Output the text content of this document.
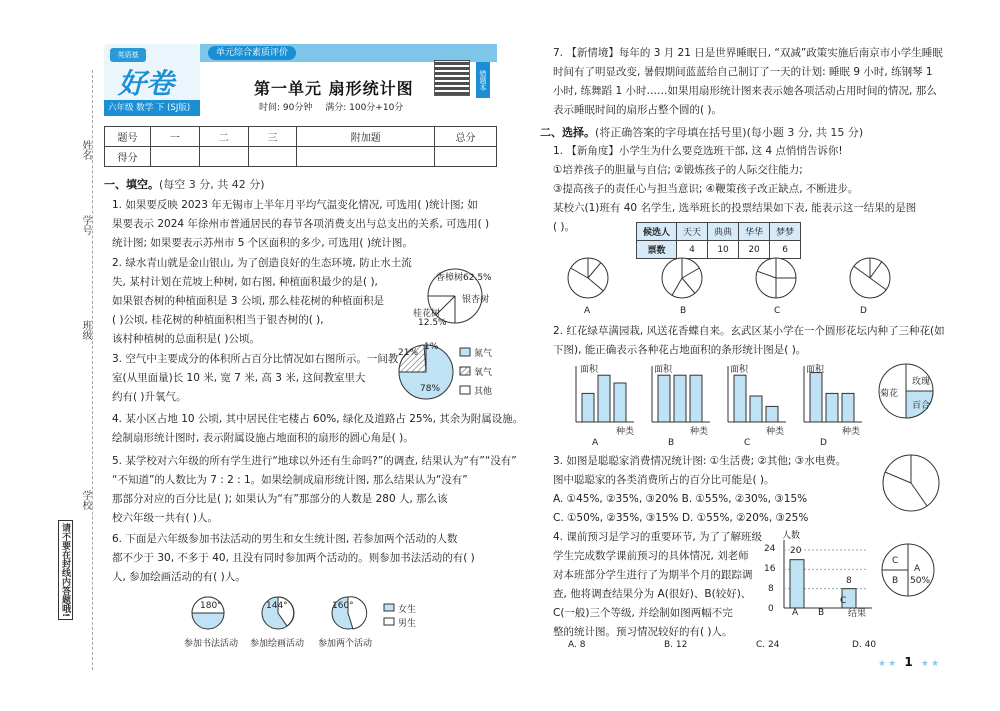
姓名
学号
班级
学校
请不要在封线内答题哦!
英语基
好卷
六年级 数学 下 (SJ版)
单元综合素质评价
第一单元 扇形统计图
时间: 90分钟 满分: 100分+10分
错题本
题号	一	二	三	附加题	总分
得分					
一、填空。(每空 3 分, 共 42 分)
1. 如果要反映 2023 年无锡市上半年月平均气温变化情况, 可选用( )统计图; 如
果要表示 2024 年徐州市普通居民的春节各项消费支出与总支出的关系, 可选用( )
统计图; 如果要表示苏州市 5 个区面积的多少, 可选用( )统计图。
2. 绿水青山就是金山银山, 为了创造良好的生态环境, 防止水土流
失, 某村计划在荒坡上种树, 如右图, 种植面积最少的是( ),
如果银杏树的种植面积是 3 公顷, 那么桂花树的种植面积是
( )公顷, 桂花树的种植面积相当于银杏树的( ),
该村种植树的总面积是( )公顷。
香樟树62.5%
银杏树
桂花树
12.5%
3. 空气中主要成分的体积所占百分比情况如右图所示。一间教
室(从里面量)长 10 米, 宽 7 米, 高 3 米, 这间教室里大
约有( )升氧气。
21%
1%
78%
氮气
氧气
其他
4. 某小区占地 10 公顷, 其中居民住宅楼占 60%, 绿化及道路占 25%, 其余为附属设施。
绘制扇形统计图时, 表示附属设施占地面积的扇形的圆心角是( )。
5. 某学校对六年级的所有学生进行“地球以外还有生命吗?”的调查, 结果认为“有”“没有”
“不知道”的人数比为 7 : 2 : 1。如果绘制成扇形统计图, 那么结果认为“没有”
那部分对应的百分比是( ); 如果认为“有”那部分的人数是 280 人, 那么该
校六年级一共有( )人。
6. 下面是六年级参加书法活动的男生和女生统计图, 若参加两个活动的人数
都不少于 30, 不多于 40, 且没有同时参加两个活动的。则参加书法活动的有( )
人, 参加绘画活动的有( )人。
180°	144°	160°
参加书法活动 参加绘画活动 参加两个活动
女生
男生
7. 【新情境】每年的 3 月 21 日是世界睡眠日, “双减”政策实施后南京市小学生睡眠
时间有了明显改变, 暑假期间蓝蓝给自己制订了一天的计划: 睡眠 9 小时, 练钢琴 1
小时, 练舞蹈 1 小时……如果用扇形统计图来表示她各项活动占用时间的情况, 那么
表示睡眠时间的扇形占整个圆的( )。
二、选择。(将正确答案的字母填在括号里)(每小题 3 分, 共 15 分)
1. 【新角度】小学生为什么要竞选班干部, 这 4 点悄悄告诉你!
①培养孩子的胆量与自信; ②锻炼孩子的人际交往能力;
③提高孩子的责任心与担当意识; ④鞭策孩子改正缺点, 不断进步。
某校六(1)班有 40 名学生, 选举班长的投票结果如下表, 能表示这一结果的是图
( )。	候选人	天天	典典	华华	梦梦
票数	4	10	20	6
A	B	C	D
2. 红花绿草满园栽, 风送花香蝶自来。玄武区某小学在一个圆形花坛内种了三种花(如
下图), 能正确表示各种花占地面积的条形统计图是( )。
面积	面积	面积	面积
种类	种类	种类	种类
A	B	C	D
玫瑰
菊花
百合
3. 如图是聪聪家消费情况统计图: ①生活费; ②其他; ③水电费。
图中聪聪家的各类消费所占的百分比可能是( )。
A. ①45%, ②35%, ③20% B. ①55%, ②30%, ③15%
C. ①50%, ②35%, ③15% D. ①55%, ②20%, ③25%
4. 课前预习是学习的重要环节, 为了了解班级
学生完成数学课前预习的具体情况, 刘老师
对本班部分学生进行了为期半个月的跟踪调
查, 他将调查结果分为 A(很好)、B(较好)、
C(一般)三个等级, 并绘制如图两幅不完
整的统计图。预习情况较好的有( )人。
A. 8	B. 12	C. 24	D. 40
人数
结果
24
16
8
0 A B
C
20
8
C
A
B 50%
★★ 1 ★★
